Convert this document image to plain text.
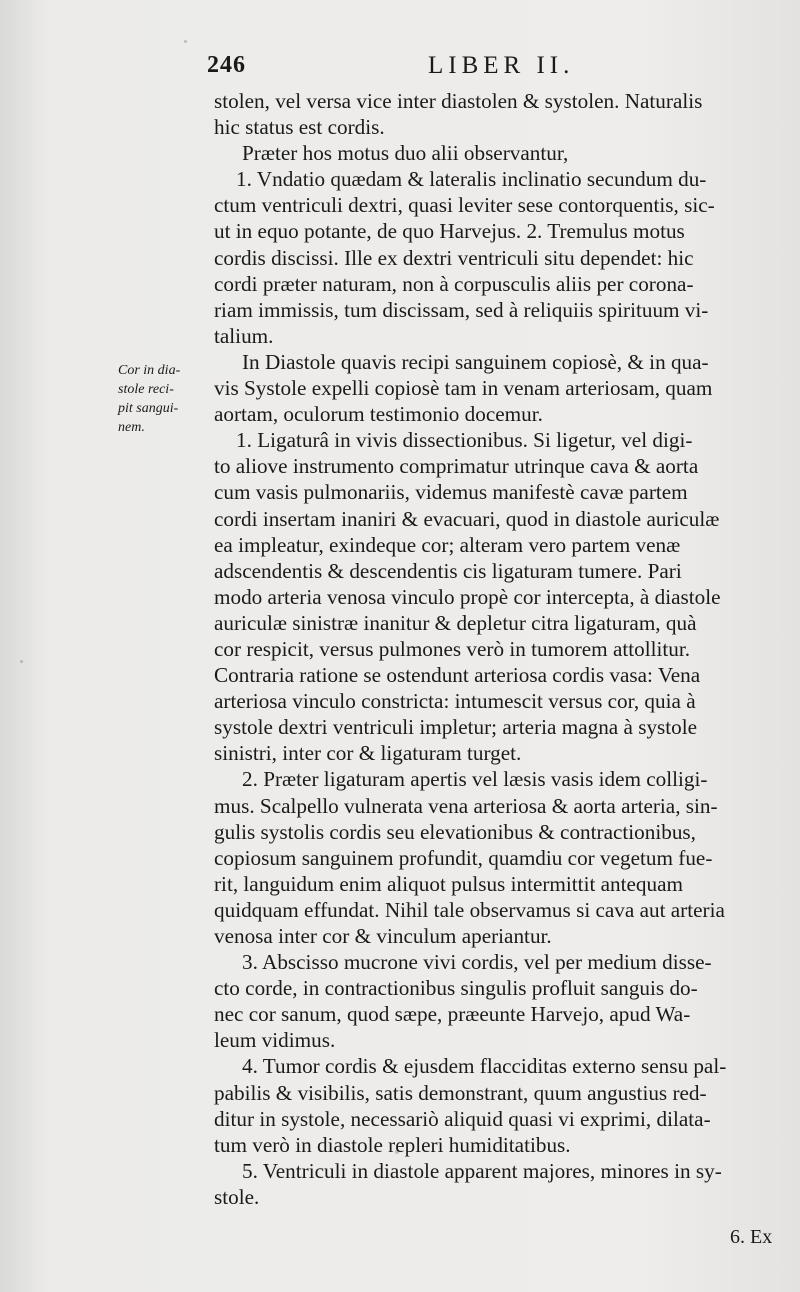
246	LIBER II.
Cor in dia-
stole reci-
pit sangui-
nem.
stolen, vel versa vice inter diastolen & systolen. Naturalis
hic status est cordis.
Præter hos motus duo alii observantur,
1. Vndatio quædam & lateralis inclinatio secundum du-
ctum ventriculi dextri, quasi leviter sese contorquentis, sic-
ut in equo potante, de quo Harvejus. 2. Tremulus motus
cordis discissi. Ille ex dextri ventriculi situ dependet: hic
cordi præter naturam, non à corpusculis aliis per corona-
riam immissis, tum discissam, sed à reliquiis spirituum vi-
talium.
In Diastole quavis recipi sanguinem copiosè, & in qua-
vis Systole expelli copiosè tam in venam arteriosam, quam
aortam, oculorum testimonio docemur.
1. Ligaturâ in vivis dissectionibus. Si ligetur, vel digi-
to aliove instrumento comprimatur utrinque cava & aorta
cum vasis pulmonariis, videmus manifestè cavæ partem
cordi insertam inaniri & evacuari, quod in diastole auriculæ
ea impleatur, exindeque cor; alteram vero partem venæ
adscendentis & descendentis cis ligaturam tumere. Pari
modo arteria venosa vinculo propè cor intercepta, à diastole
auriculæ sinistræ inanitur & depletur citra ligaturam, quà
cor respicit, versus pulmones verò in tumorem attollitur.
Contraria ratione se ostendunt arteriosa cordis vasa: Vena
arteriosa vinculo constricta: intumescit versus cor, quia à
systole dextri ventriculi impletur; arteria magna à systole
sinistri, inter cor & ligaturam turget.
2. Præter ligaturam apertis vel læsis vasis idem colligi-
mus. Scalpello vulnerata vena arteriosa & aorta arteria, sin-
gulis systolis cordis seu elevationibus & contractionibus,
copiosum sanguinem profundit, quamdiu cor vegetum fue-
rit, languidum enim aliquot pulsus intermittit antequam
quidquam effundat. Nihil tale observamus si cava aut arteria
venosa inter cor & vinculum aperiantur.
3. Abscisso mucrone vivi cordis, vel per medium disse-
cto corde, in contractionibus singulis profluit sanguis do-
nec cor sanum, quod sæpe, præeunte Harvejo, apud Wa-
leum vidimus.
4. Tumor cordis & ejusdem flacciditas externo sensu pal-
pabilis & visibilis, satis demonstrant, quum angustius red-
ditur in systole, necessariò aliquid quasi vi exprimi, dilata-
tum verò in diastole repleri humiditatibus.
5. Ventriculi in diastole apparent majores, minores in sy-
stole.
6. Ex
